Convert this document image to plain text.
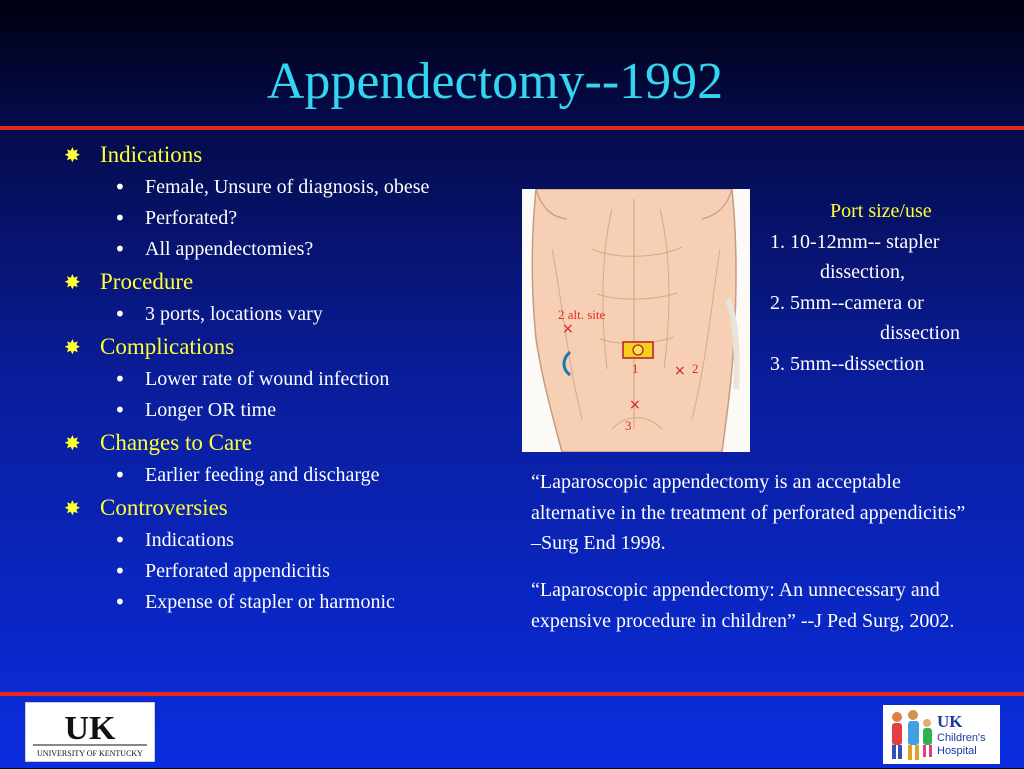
Appendectomy--1992
✸ Indications
• Female, Unsure of diagnosis, obese
• Perforated?
• All appendectomies?
✸ Procedure
• 3 ports, locations vary
✸ Complications
• Lower rate of wound infection
• Longer OR time
✸ Changes to Care
• Earlier feeding and discharge
✸ Controversies
• Indications
• Perforated appendicitis
• Expense of stapler or harmonic
2 alt. site
×
1	× 2
×
3
Port size/use
1. 10-12mm-- stapler
dissection,
2. 5mm--camera or
dissection
3. 5mm--dissection
“Laparoscopic appendectomy is an acceptable alternative in the treatment of perforated appendicitis” –Surg End 1998.
“Laparoscopic appendectomy: An unnecessary and expensive procedure in children” --J Ped Surg, 2002.
UK
UNIVERSITY OF KENTUCKY
UK
Children's
Hospital
